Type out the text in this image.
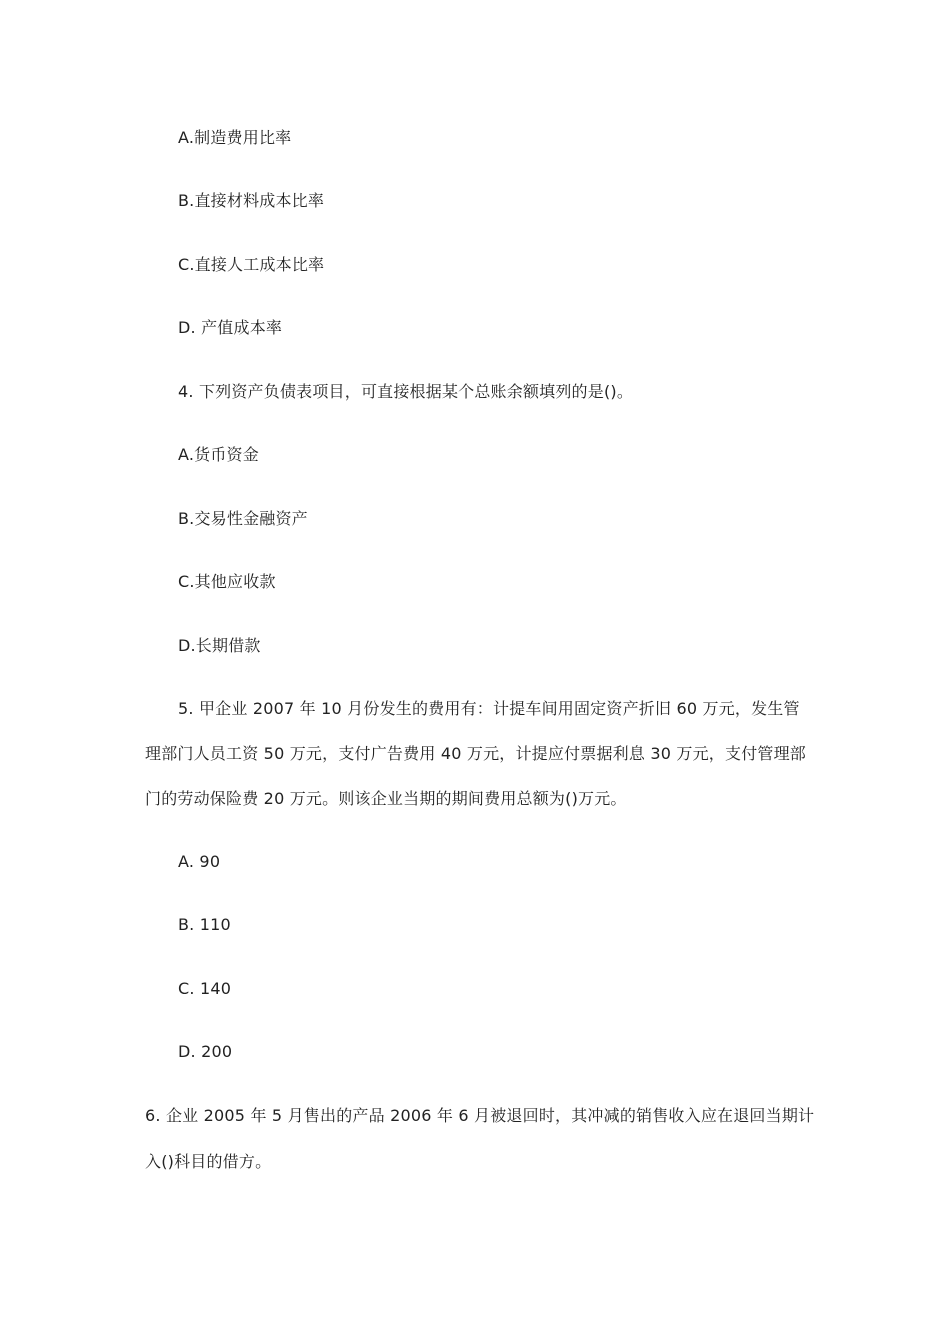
A.制造费用比率
B.直接材料成本比率
C.直接人工成本比率
D. 产值成本率
4. 下列资产负债表项目，可直接根据某个总账余额填列的是()。
A.货币资金
B.交易性金融资产
C.其他应收款
D.长期借款
5. 甲企业 2007 年 10 月份发生的费用有：计提车间用固定资产折旧 60 万元，发生管
理部门人员工资 50 万元，支付广告费用 40 万元，计提应付票据利息 30 万元，支付管理部
门的劳动保险费 20 万元。则该企业当期的期间费用总额为()万元。
A. 90
B. 110
C. 140
D. 200
6. 企业 2005 年 5 月售出的产品 2006 年 6 月被退回时，其冲减的销售收入应在退回当期计
入()科目的借方。
